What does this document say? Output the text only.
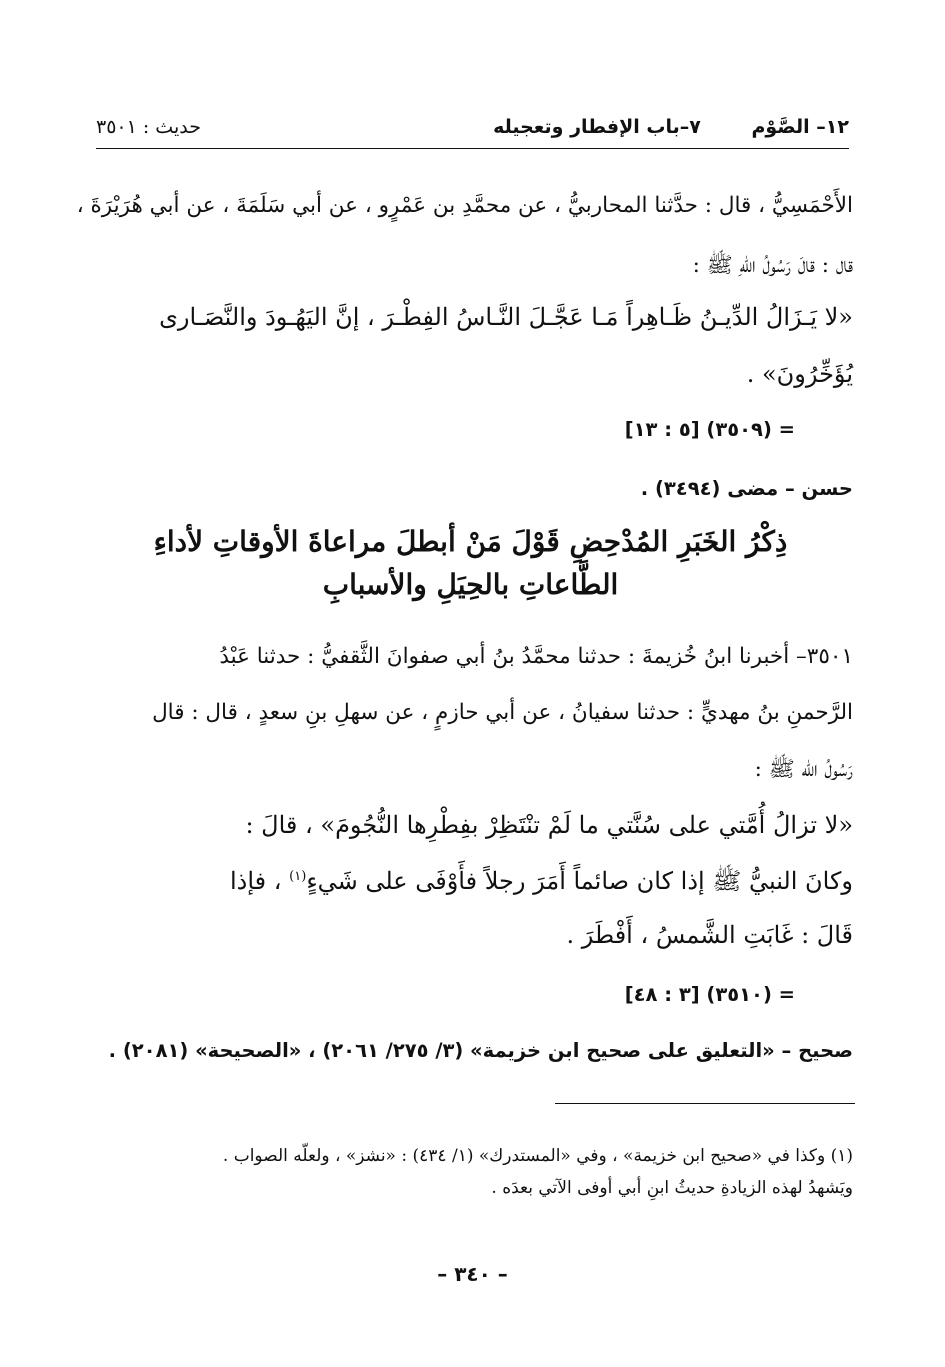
١٢– الصَّوْم ٧–باب الإفطار وتعجيله
حديث : ٣٥٠١
الأَحْمَسِيُّ ، قال : حدَّثنا المحاربيُّ ، عن محمَّدِ بن عَمْرٍو ، عن أبي سَلَمَةَ ، عن أبي هُرَيْرَةَ ،
قال : قالَ رَسُولُ اللّهِ ﷺ :
«لا يَـزَالُ الدِّيـنُ ظَـاهِراً مَـا عَجَّـلَ النَّـاسُ الفِطْـرَ ، إنَّ اليَهُـودَ والنَّصَـارى
يُؤَخِّرُونَ» .
= (٣٥٠٩) [٥ : ١٣]
حسن – مضى (٣٤٩٤) .
ذِكْرُ الخَبَرِ المُدْحِضِ قَوْلَ مَنْ أبطلَ مراعاةَ الأوقاتِ لأداءِ
الطَّاعاتِ بالحِيَلِ والأسبابِ
٣٥٠١– أخبرنا ابنُ خُزيمةَ : حدثنا محمَّدُ بنُ أبي صفوانَ الثَّقفيُّ : حدثنا عَبْدُ
الرَّحمنِ بنُ مهديٍّ : حدثنا سفيانُ ، عن أبي حازمٍ ، عن سهلِ بنِ سعدٍ ، قال : قال
رَسُولُ اللّه ﷺ :
«لا تزالُ أُمَّتي على سُنَّتي ما لَمْ تنْتَظِرْ بفِطْرِها النُّجُومَ» ، قالَ :
وكانَ النبيُّ ﷺ إذا كان صائماً أَمَرَ رجلاً فأَوْفَى على شَيءٍ$^{(١)}$ ، فإذا
قَالَ : غَابَتِ الشَّمسُ ، أَفْطَرَ .
= (٣٥١٠) [٣ : ٤٨]
صحيح – «التعليق على صحيح ابن خزيمة» (٣/ ٢٧٥/ ٢٠٦١) ، «الصحيحة» (٢٠٨١) .
(١) وكذا في «صحيح ابن خزيمة» ، وفي «المستدرك» (١/ ٤٣٤) : «نشز» ، ولعلّه الصواب .
ويَشهدُ لهذه الزيادةِ حديثُ ابنِ أبي أوفى الآتي بعدَه .
– ٣٤٠ –
